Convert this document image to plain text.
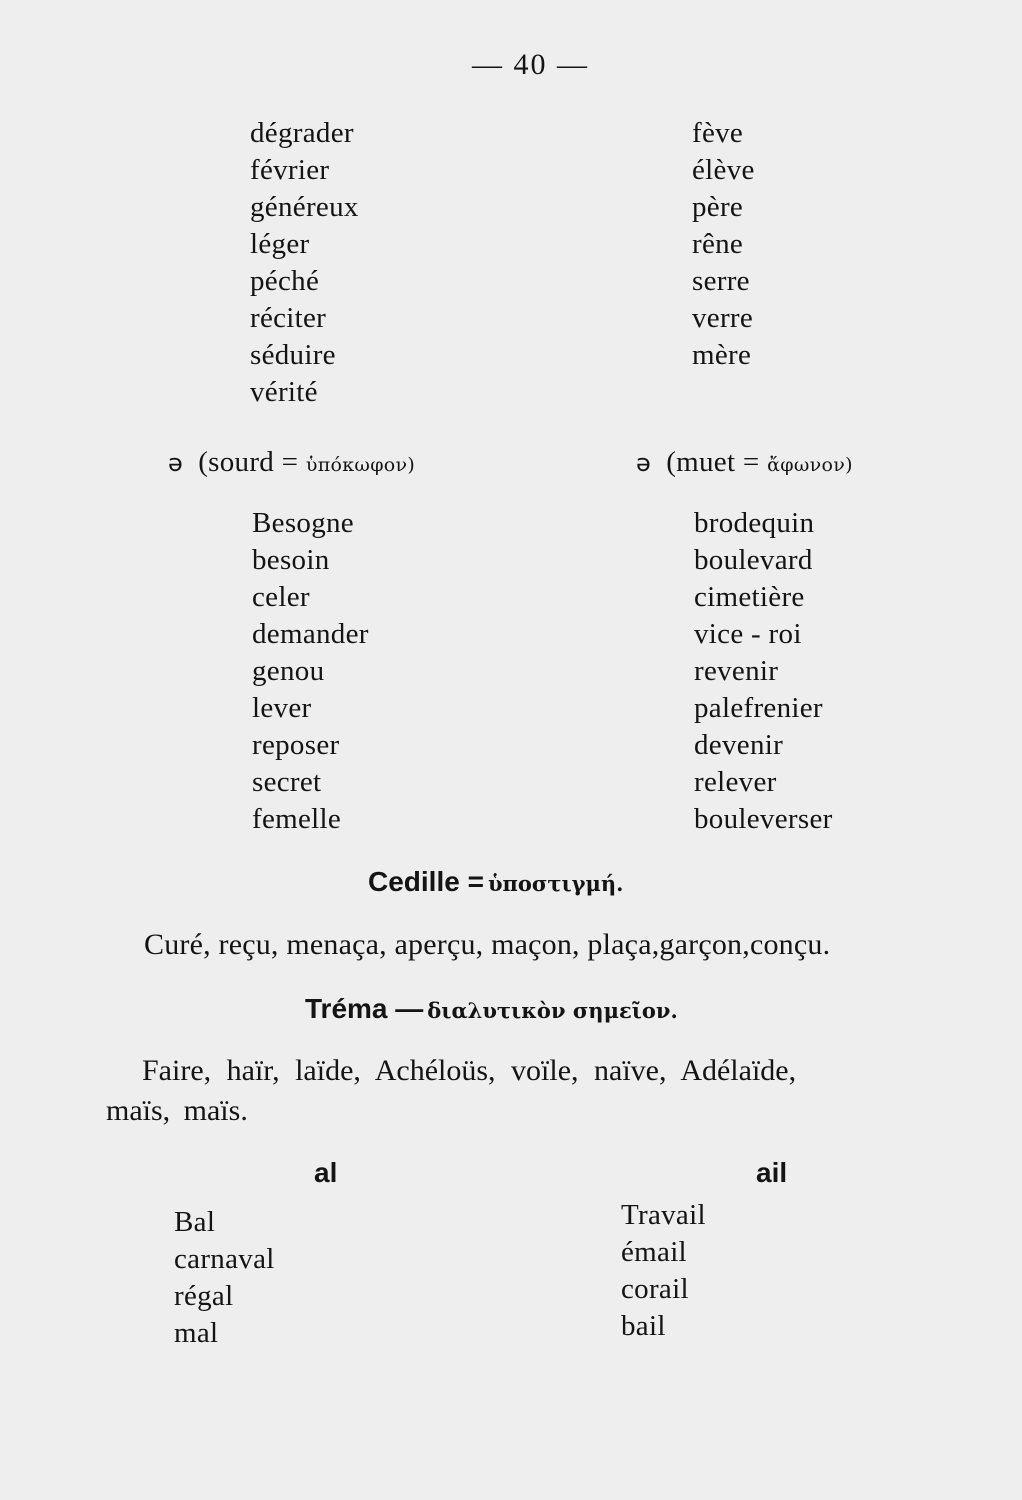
— 40 —
dégrader
février
généreux
léger
péché
réciter
séduire
vérité
fève
élève
père
rêne
serre
verre
mère
ə (sourd = ὑπόκωφον)	ə (muet = ἄφωνον)
Besogne
besoin
celer
demander
genou
lever
reposer
secret
femelle
brodequin
boulevard
cimetière
vice - roi
revenir
palefrenier
devenir
relever
bouleverser
Cedille = ὑποστιγμή.
Curé, reçu, menaça, aperçu, maçon, plaça,garçon,conçu.
Tréma — διαλυτικὸν σημεῖον.
Faire, haïr, laïde, Achéloüs, voïle, naïve, Adélaïde,
maïs, maïs.
al	ail
Bal
carnaval
régal
mal
Travail
émail
corail
bail
